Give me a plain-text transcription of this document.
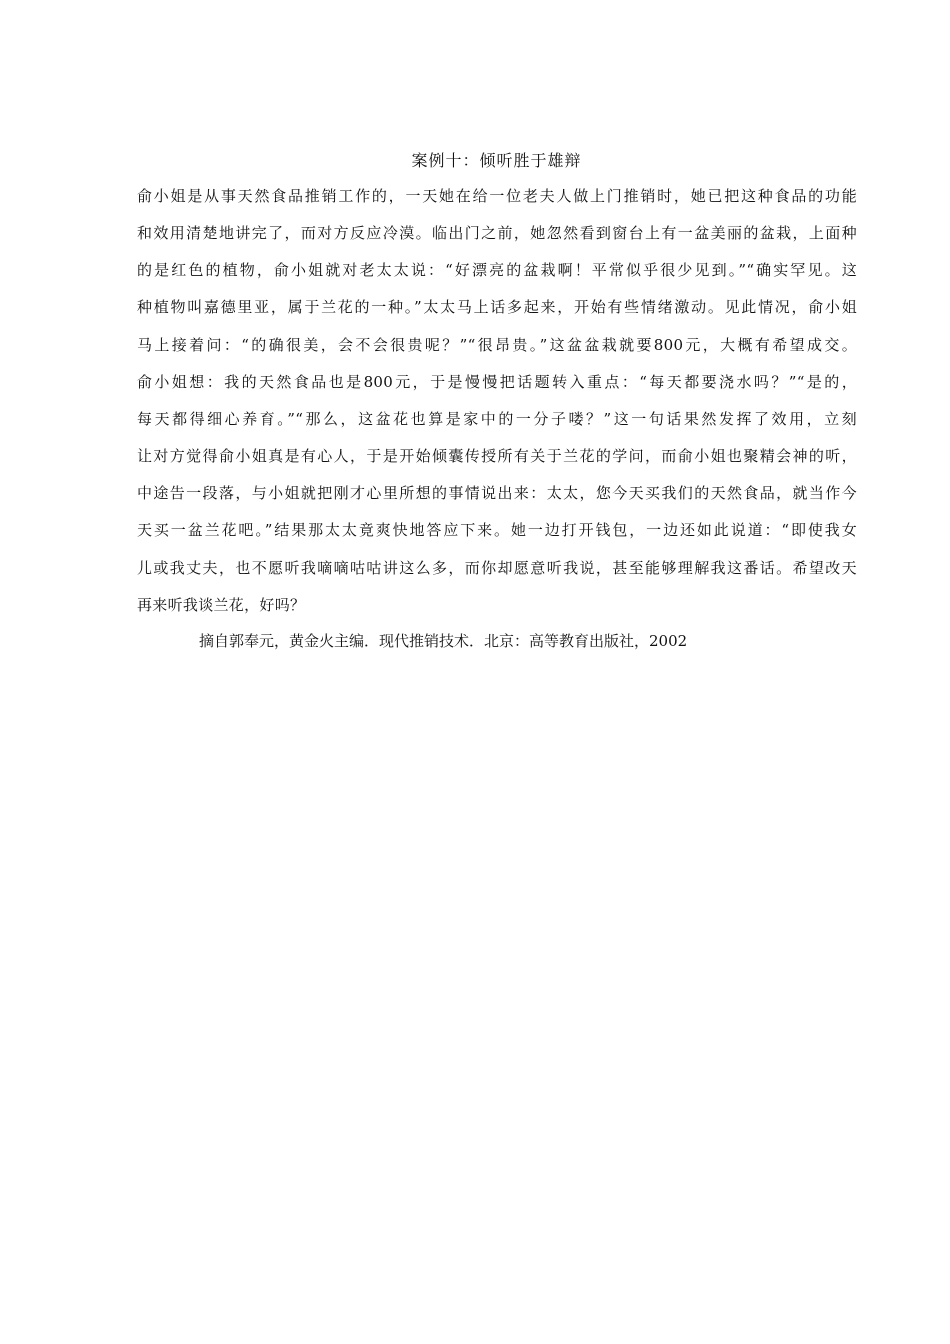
案例十：倾听胜于雄辩
俞小姐是从事天然食品推销工作的，一天她在给一位老夫人做上门推销时，她已把这种食品的功能
和效用清楚地讲完了，而对方反应冷漠。临出门之前，她忽然看到窗台上有一盆美丽的盆栽，上面种
的是红色的植物，俞小姐就对老太太说：“好漂亮的盆栽啊！平常似乎很少见到。”“确实罕见。这
种植物叫嘉德里亚，属于兰花的一种。”太太马上话多起来，开始有些情绪激动。见此情况，俞小姐
马上接着问：“的确很美，会不会很贵呢？”“很昂贵。”这盆盆栽就要800元，大概有希望成交。
俞小姐想：我的天然食品也是800元，于是慢慢把话题转入重点：“每天都要浇水吗？”“是的，
每天都得细心养育。”“那么，这盆花也算是家中的一分子喽？”这一句话果然发挥了效用，立刻
让对方觉得俞小姐真是有心人，于是开始倾囊传授所有关于兰花的学问，而俞小姐也聚精会神的听，
中途告一段落，与小姐就把刚才心里所想的事情说出来：太太，您今天买我们的天然食品，就当作今
天买一盆兰花吧。”结果那太太竟爽快地答应下来。她一边打开钱包，一边还如此说道：“即使我女
儿或我丈夫，也不愿听我嘀嘀咕咕讲这么多，而你却愿意听我说，甚至能够理解我这番话。希望改天
再来听我谈兰花，好吗？
摘自郭奉元，黄金火主编．现代推销技术．北京：高等教育出版社，2002
